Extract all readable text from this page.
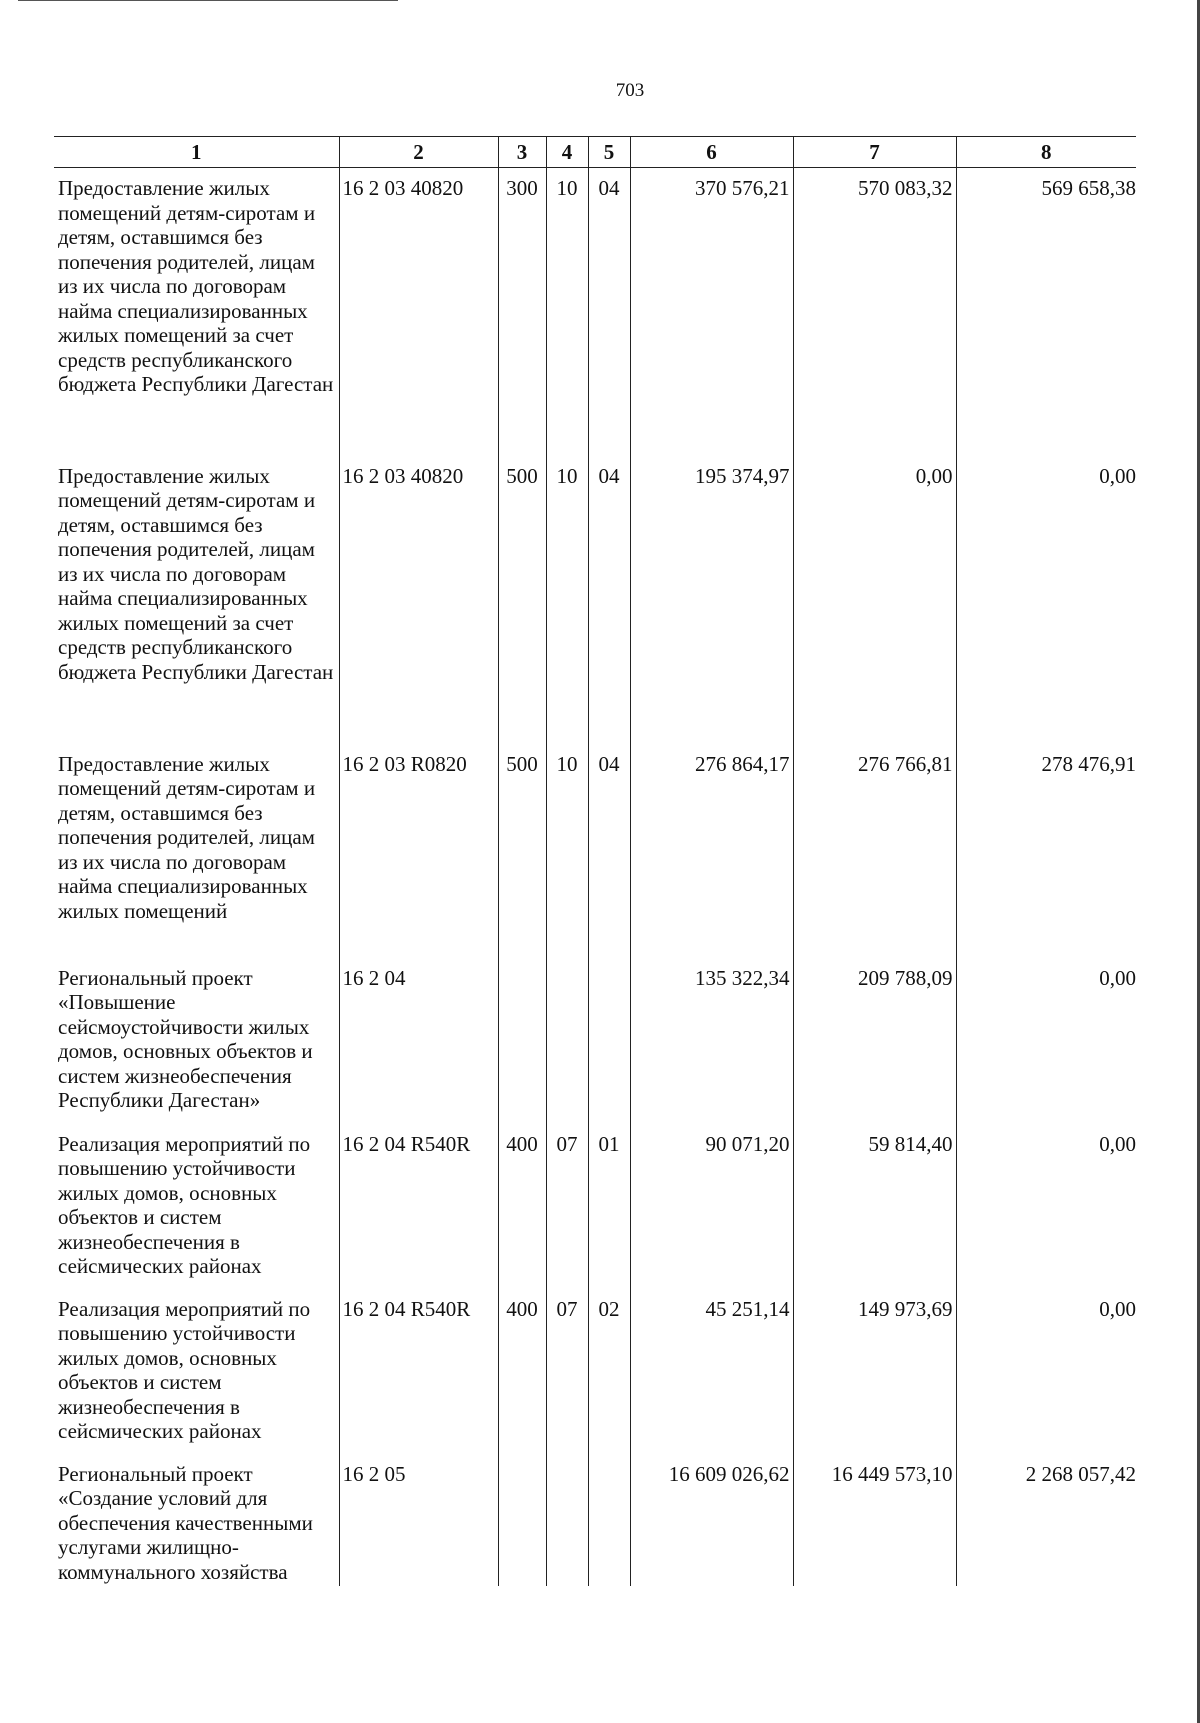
703
1	2	3	4	5	6	7	8
Предоставление жилых помещений детям-сиротам и детям, оставшимся без попечения родителей, лицам из их числа по договорам найма специализированных жилых помещений за счет средств республиканского бюджета Республики Дагестан	16 2 03 40820	300	10	04	370 576,21	570 083,32	569 658,38
Предоставление жилых помещений детям-сиротам и детям, оставшимся без попечения родителей, лицам из их числа по договорам найма специализированных жилых помещений за счет средств республиканского бюджета Республики Дагестан	16 2 03 40820	500	10	04	195 374,97	0,00	0,00
Предоставление жилых помещений детям-сиротам и детям, оставшимся без попечения родителей, лицам из их числа по договорам найма специализированных жилых помещений	16 2 03 R0820	500	10	04	276 864,17	276 766,81	278 476,91
Региональный проект «Повышение сейсмоустойчивости жилых домов, основных объектов и систем жизнеобеспечения Республики Дагестан»	16 2 04				135 322,34	209 788,09	0,00
Реализация мероприятий по повышению устойчивости жилых домов, основных объектов и систем жизнеобеспечения в сейсмических районах	16 2 04 R540R	400	07	01	90 071,20	59 814,40	0,00
Реализация мероприятий по повышению устойчивости жилых домов, основных объектов и систем жизнеобеспечения в сейсмических районах	16 2 04 R540R	400	07	02	45 251,14	149 973,69	0,00
Региональный проект «Создание условий для обеспечения качественными услугами жилищно-коммунального хозяйства	16 2 05				16 609 026,62	16 449 573,10	2 268 057,42
